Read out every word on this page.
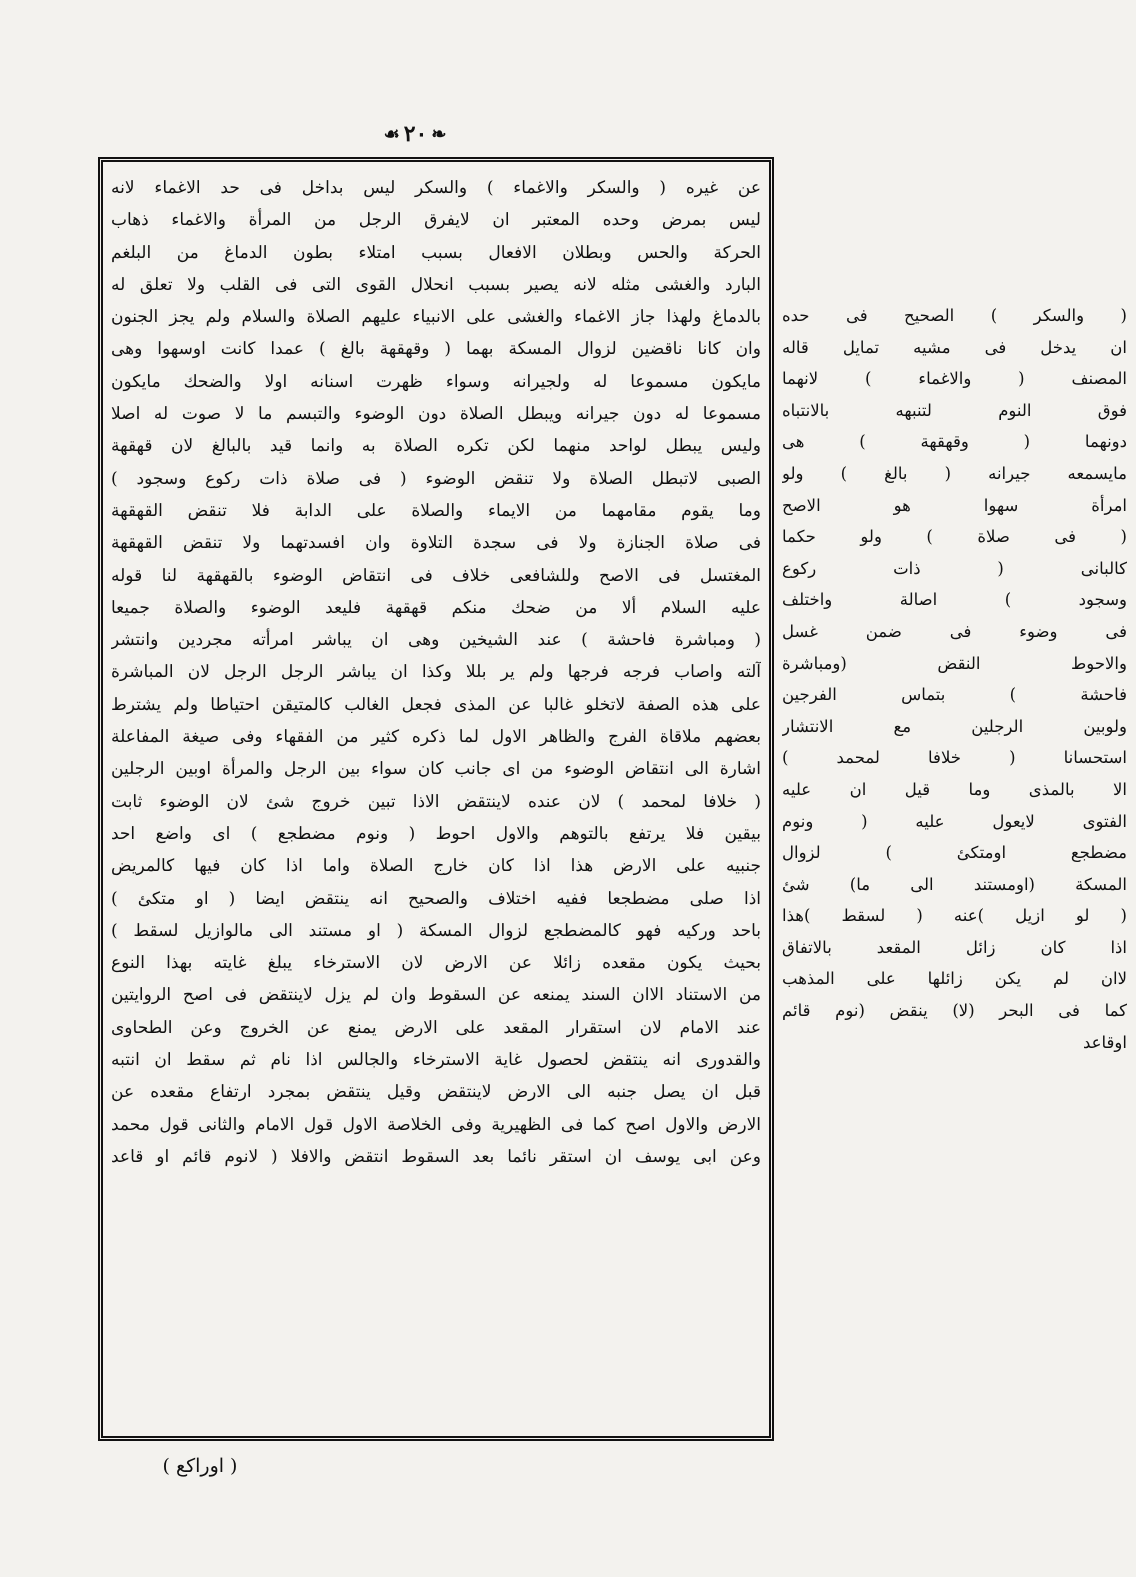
❧
٢٠
☙
عن غيره ( والسكر والاغماء ) والسكر ليس بداخل فى حد الاغماء لانه
ليس بمرض وحده المعتبر ان لايفرق الرجل من المرأة والاغماء ذهاب
الحركة والحس وبطلان الافعال بسبب امتلاء بطون الدماغ من البلغم
البارد والغشى مثله لانه يصير بسبب انحلال القوى التى فى القلب ولا تعلق له
بالدماغ ولهذا جاز الاغماء والغشى على الانبياء عليهم الصلاة والسلام ولم يجز الجنون
وان كانا ناقضين لزوال المسكة بهما ( وقهقهة بالغ ) عمدا كانت اوسهوا وهى
مايكون مسموعا له ولجيرانه وسواء ظهرت اسنانه اولا والضحك مايكون
مسموعا له دون جيرانه ويبطل الصلاة دون الوضوء والتبسم ما لا صوت له اصلا
وليس يبطل لواحد منهما لكن تكره الصلاة به وانما قيد بالبالغ لان قهقهة
الصبى لاتبطل الصلاة ولا تنقض الوضوء ( فى صلاة ذات ركوع وسجود )
وما يقوم مقامهما من الايماء والصلاة على الدابة فلا تنقض القهقهة
فى صلاة الجنازة ولا فى سجدة التلاوة وان افسدتهما ولا تنقض القهقهة
المغتسل فى الاصح وللشافعى خلاف فى انتقاض الوضوء بالقهقهة لنا قوله
عليه السلام ألا من ضحك منكم قهقهة فليعد الوضوء والصلاة جميعا
( ومباشرة فاحشة ) عند الشيخين وهى ان يباشر امرأته مجردين وانتشر
آلته واصاب فرجه فرجها ولم ير بللا وكذا ان يباشر الرجل الرجل لان المباشرة
على هذه الصفة لاتخلو غالبا عن المذى فجعل الغالب كالمتيقن احتياطا ولم يشترط
بعضهم ملاقاة الفرج والظاهر الاول لما ذكره كثير من الفقهاء وفى صيغة المفاعلة
اشارة الى انتقاض الوضوء من اى جانب كان سواء بين الرجل والمرأة اوبين الرجلين
( خلافا لمحمد ) لان عنده لاينتقض الاذا تبين خروج شئ لان الوضوء ثابت
بيقين فلا يرتفع بالتوهم والاول احوط ( ونوم مضطجع ) اى واضع احد
جنبيه على الارض هذا اذا كان خارج الصلاة واما اذا كان فيها كالمريض
اذا صلى مضطجعا ففيه اختلاف والصحيح انه ينتقض ايضا ( او متكئ )
باحد وركيه فهو كالمضطجع لزوال المسكة ( او مستند الى مالوازيل لسقط )
بحيث يكون مقعده زائلا عن الارض لان الاسترخاء يبلغ غايته بهذا النوع
من الاستناد الاان السند يمنعه عن السقوط وان لم يزل لاينتقض فى اصح الروايتين
عند الامام لان استقرار المقعد على الارض يمنع عن الخروج وعن الطحاوى
والقدورى انه ينتقض لحصول غاية الاسترخاء والجالس اذا نام ثم سقط ان انتبه
قبل ان يصل جنبه الى الارض لاينتقض وقيل ينتقض بمجرد ارتفاع مقعده عن
الارض والاول اصح كما فى الظهيرية وفى الخلاصة الاول قول الامام والثانى قول محمد
وعن ابى يوسف ان استقر نائما بعد السقوط انتقض والافلا ( لانوم قائم او قاعد
( والسكر ) الصحيح فى حده
ان يدخل فى مشيه تمايل قاله
المصنف ( والاغماء ) لانهما
فوق النوم لتنبهه بالانتباه
دونهما ( وقهقهة ) هى
مايسمعه جيرانه ( بالغ ) ولو
امرأة سهوا هو الاصح
( فى صلاة ) ولو حكما
كالبانى ( ذات ركوع
وسجود ) اصالة واختلف
فى وضوء فى ضمن غسل
والاحوط النقض (ومباشرة
فاحشة ) بتماس الفرجين
ولوبين الرجلين مع الانتشار
استحسانا ( خلافا لمحمد )
الا بالمذى وما قيل ان عليه
الفتوى لايعول عليه ( ونوم
مضطجع اومتكئ ) لزوال
المسكة (اومستند الى ما) شئ
( لو ازيل )عنه ( لسقط )هذا
اذا كان زائل المقعد بالاتفاق
لاان لم يكن زائلها على المذهب
كما فى البحر (لا) ينقض (نوم قائم
اوقاعد
( اوراكع )
